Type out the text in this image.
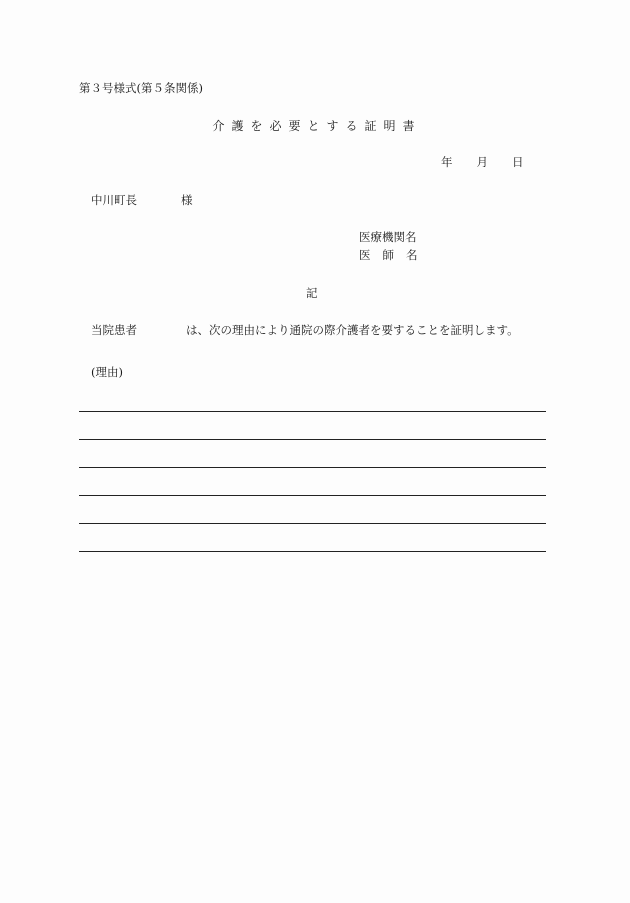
第３号様式(第５条関係)
介護を必要とする証明書
年 月 日
中川町長	様
医療機関名
医 師 名
記
当院患者	は、次の理由により通院の際介護者を要することを証明します。
(理由)
